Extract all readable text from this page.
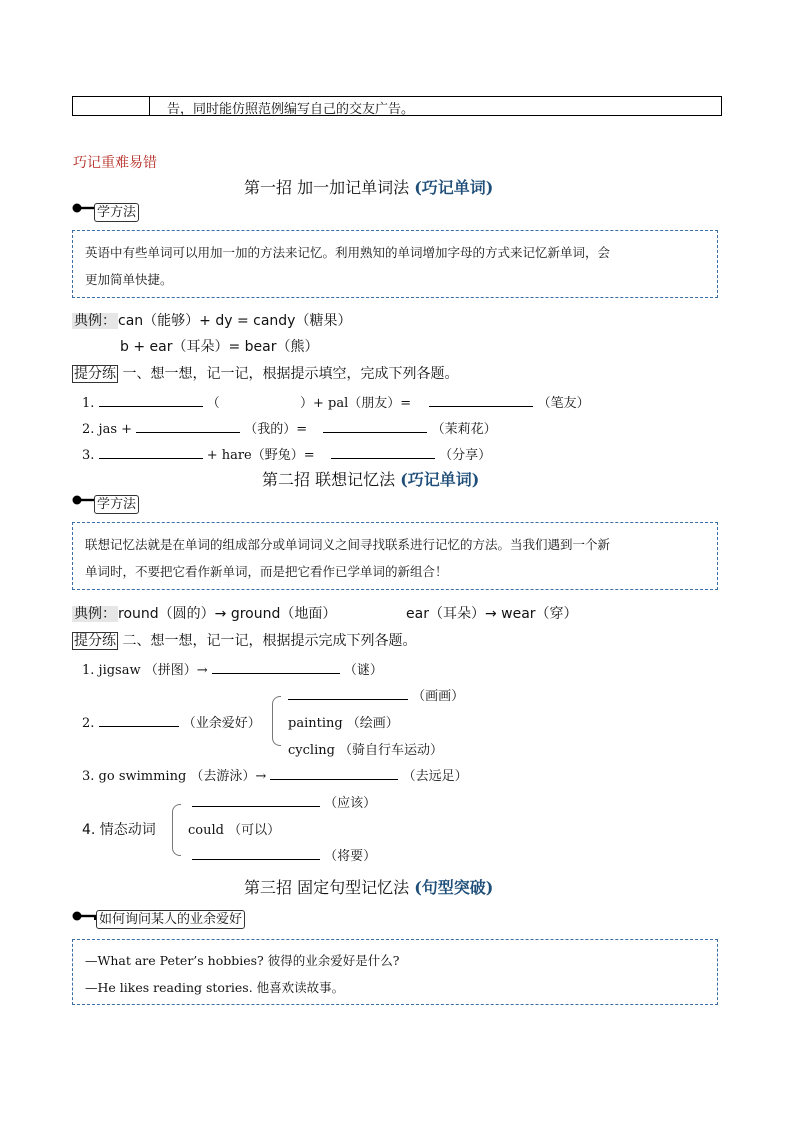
告，同时能仿照范例编写自己的交友广告。
巧记重难易错
第一招 加一加记单词法 (巧记单词)
学方法
英语中有些单词可以用加一加的方法来记忆。利用熟知的单词增加字母的方式来记忆新单词，会
更加简单快捷。
典例： can（能够）+ dy = candy（糖果）
b + ear（耳朵）= bear（熊）
提分练 一、想一想，记一记，根据提示填空，完成下列各题。
1.	（	）+ pal（朋友）=	（笔友）
2. jas +	（我的）=	（茉莉花）
3.	+ hare（野兔）=	（分享）
第二招 联想记忆法 (巧记单词)
学方法
联想记忆法就是在单词的组成部分或单词词义之间寻找联系进行记忆的方法。当我们遇到一个新
单词时，不要把它看作新单词，而是把它看作已学单词的新组合！
典例： round（圆的）→ ground（地面）	ear（耳朵）→ wear（穿）
提分练 二、想一想，记一记，根据提示完成下列各题。
1. jigsaw （拼图）→	（谜）
（画画）
2.	（业余爱好） painting （绘画）
cycling （骑自行车运动）
3. go swimming （去游泳）→	（去远足）
（应该）
4. 情态动词 could （可以）
（将要）
第三招 固定句型记忆法 (句型突破)
如何询问某人的业余爱好
—What are Peter’s hobbies? 彼得的业余爱好是什么?
—He likes reading stories. 他喜欢读故事。
